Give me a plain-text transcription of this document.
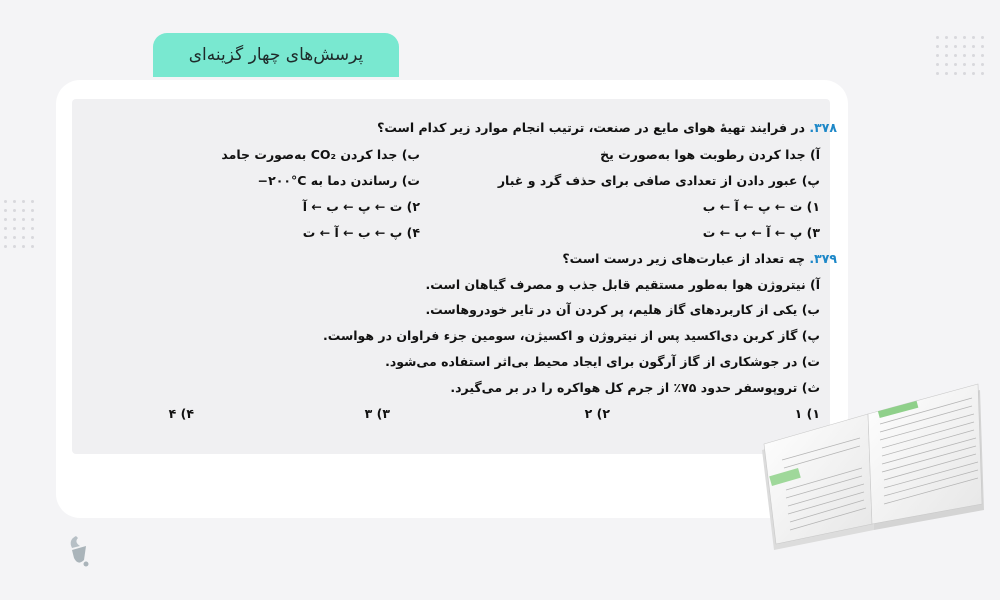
پرسش‌های چهار گزینه‌ای
۳۷۸. در فرایند تهیهٔ هوای مایع در صنعت، ترتیب انجام موارد زیر کدام است؟
آ) جدا کردن رطوبت هوا به‌صورت یخ
ب) جدا کردن CO₂ به‌صورت جامد
پ) عبور دادن از تعدادی صافی برای حذف گرد و غبار
ت) رساندن دما به ‎−۲۰۰°C
۱) ت ← پ ← آ ← ب
۲) ت ← پ ← ب ← آ
۳) پ ← آ ← ب ← ت
۴) پ ← ب ← آ ← ت
۳۷۹. چه تعداد از عبارت‌های زیر درست است؟
آ) نیتروژن هوا به‌طور مستقیم قابل جذب و مصرف گیاهان است.
ب) یکی از کاربردهای گاز هلیم، پر کردن آن در تایر خودروهاست.
پ) گاز کربن دی‌اکسید پس از نیتروژن و اکسیژن، سومین جزء فراوان در هواست.
ت) در جوشکاری از گاز آرگون برای ایجاد محیط بی‌اثر استفاده می‌شود.
ث) تروپوسفر حدود ۷۵٪ از جرم کل هواکره را در بر می‌گیرد.
۱) ۱
۲) ۲
۳) ۳
۴) ۴
